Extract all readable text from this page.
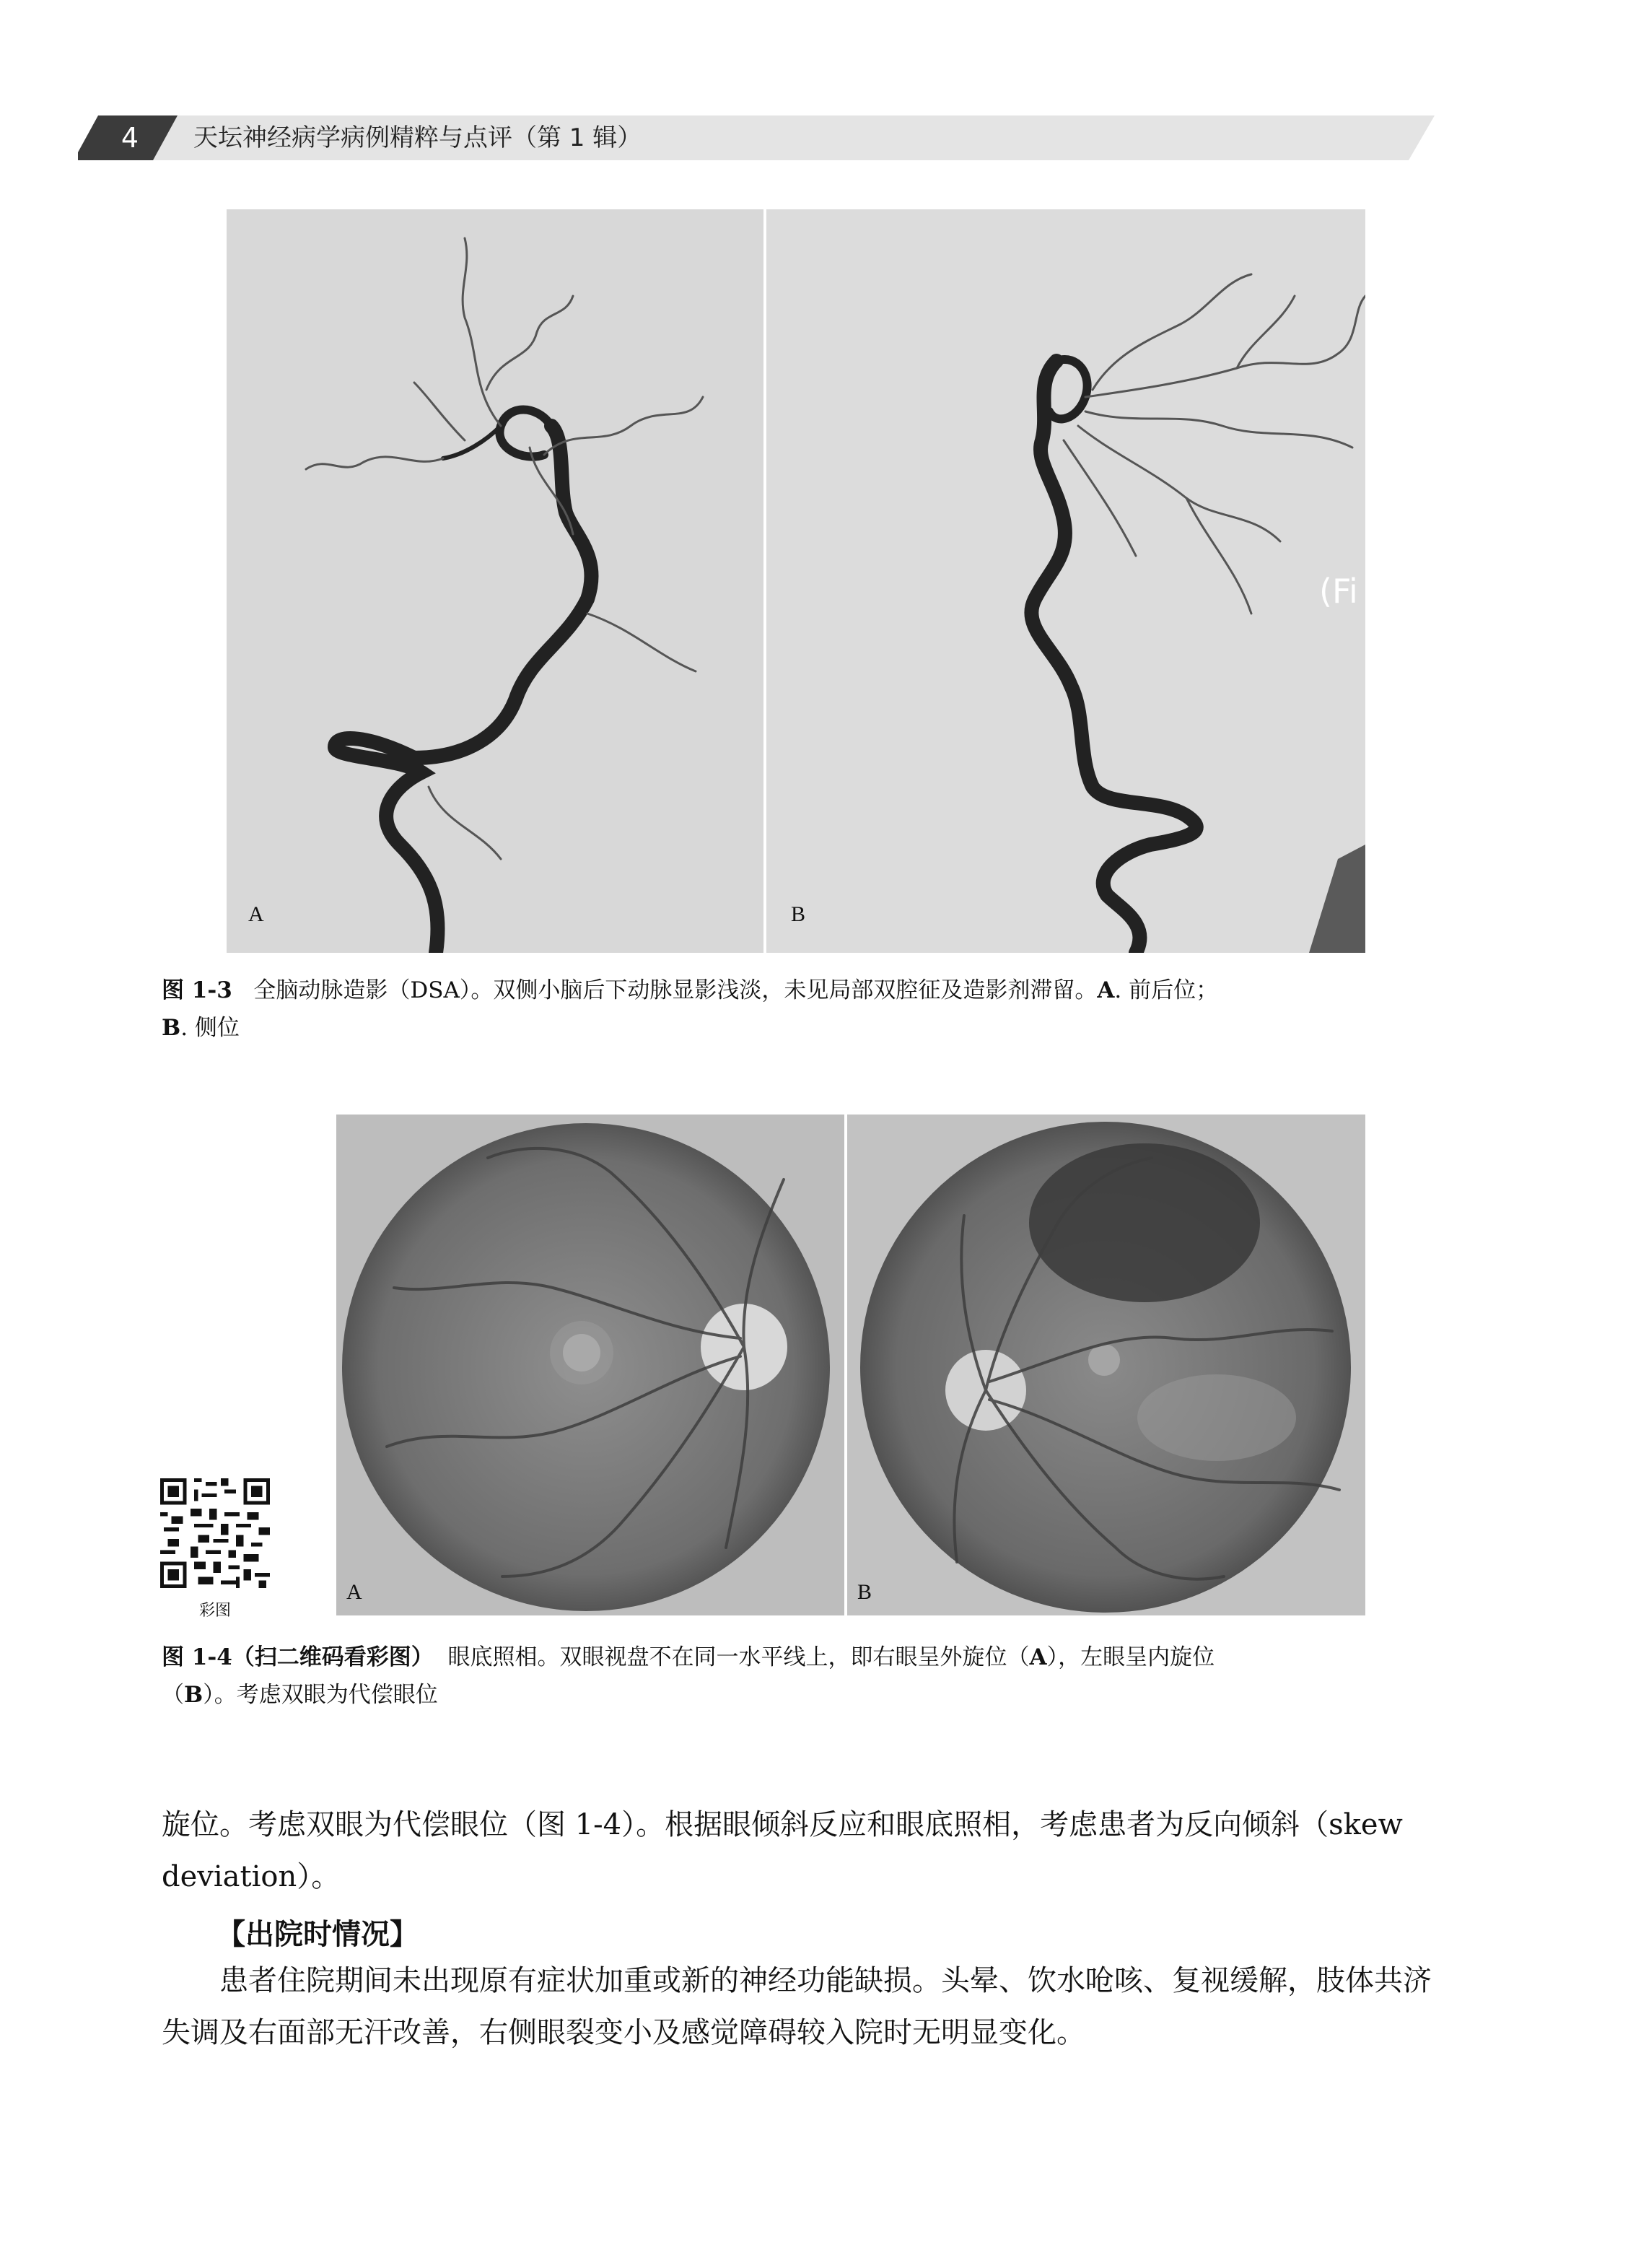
4	天坛神经病学病例精粹与点评（第 1 辑）
A	B
(Fi
图 1-3 全脑动脉造影（DSA）。双侧小脑后下动脉显影浅淡，未见局部双腔征及造影剂滞留。A. 前后位；
B. 侧位
A	B
彩图
图 1-4（扫二维码看彩图） 眼底照相。双眼视盘不在同一水平线上，即右眼呈外旋位（A），左眼呈内旋位
（B）。考虑双眼为代偿眼位
旋位。考虑双眼为代偿眼位（图 1-4）。根据眼倾斜反应和眼底照相，考虑患者为反向倾斜（skew deviation）。
【出院时情况】
患者住院期间未出现原有症状加重或新的神经功能缺损。头晕、饮水呛咳、复视缓解，肢体共济失调及右面部无汗改善，右侧眼裂变小及感觉障碍较入院时无明显变化。
